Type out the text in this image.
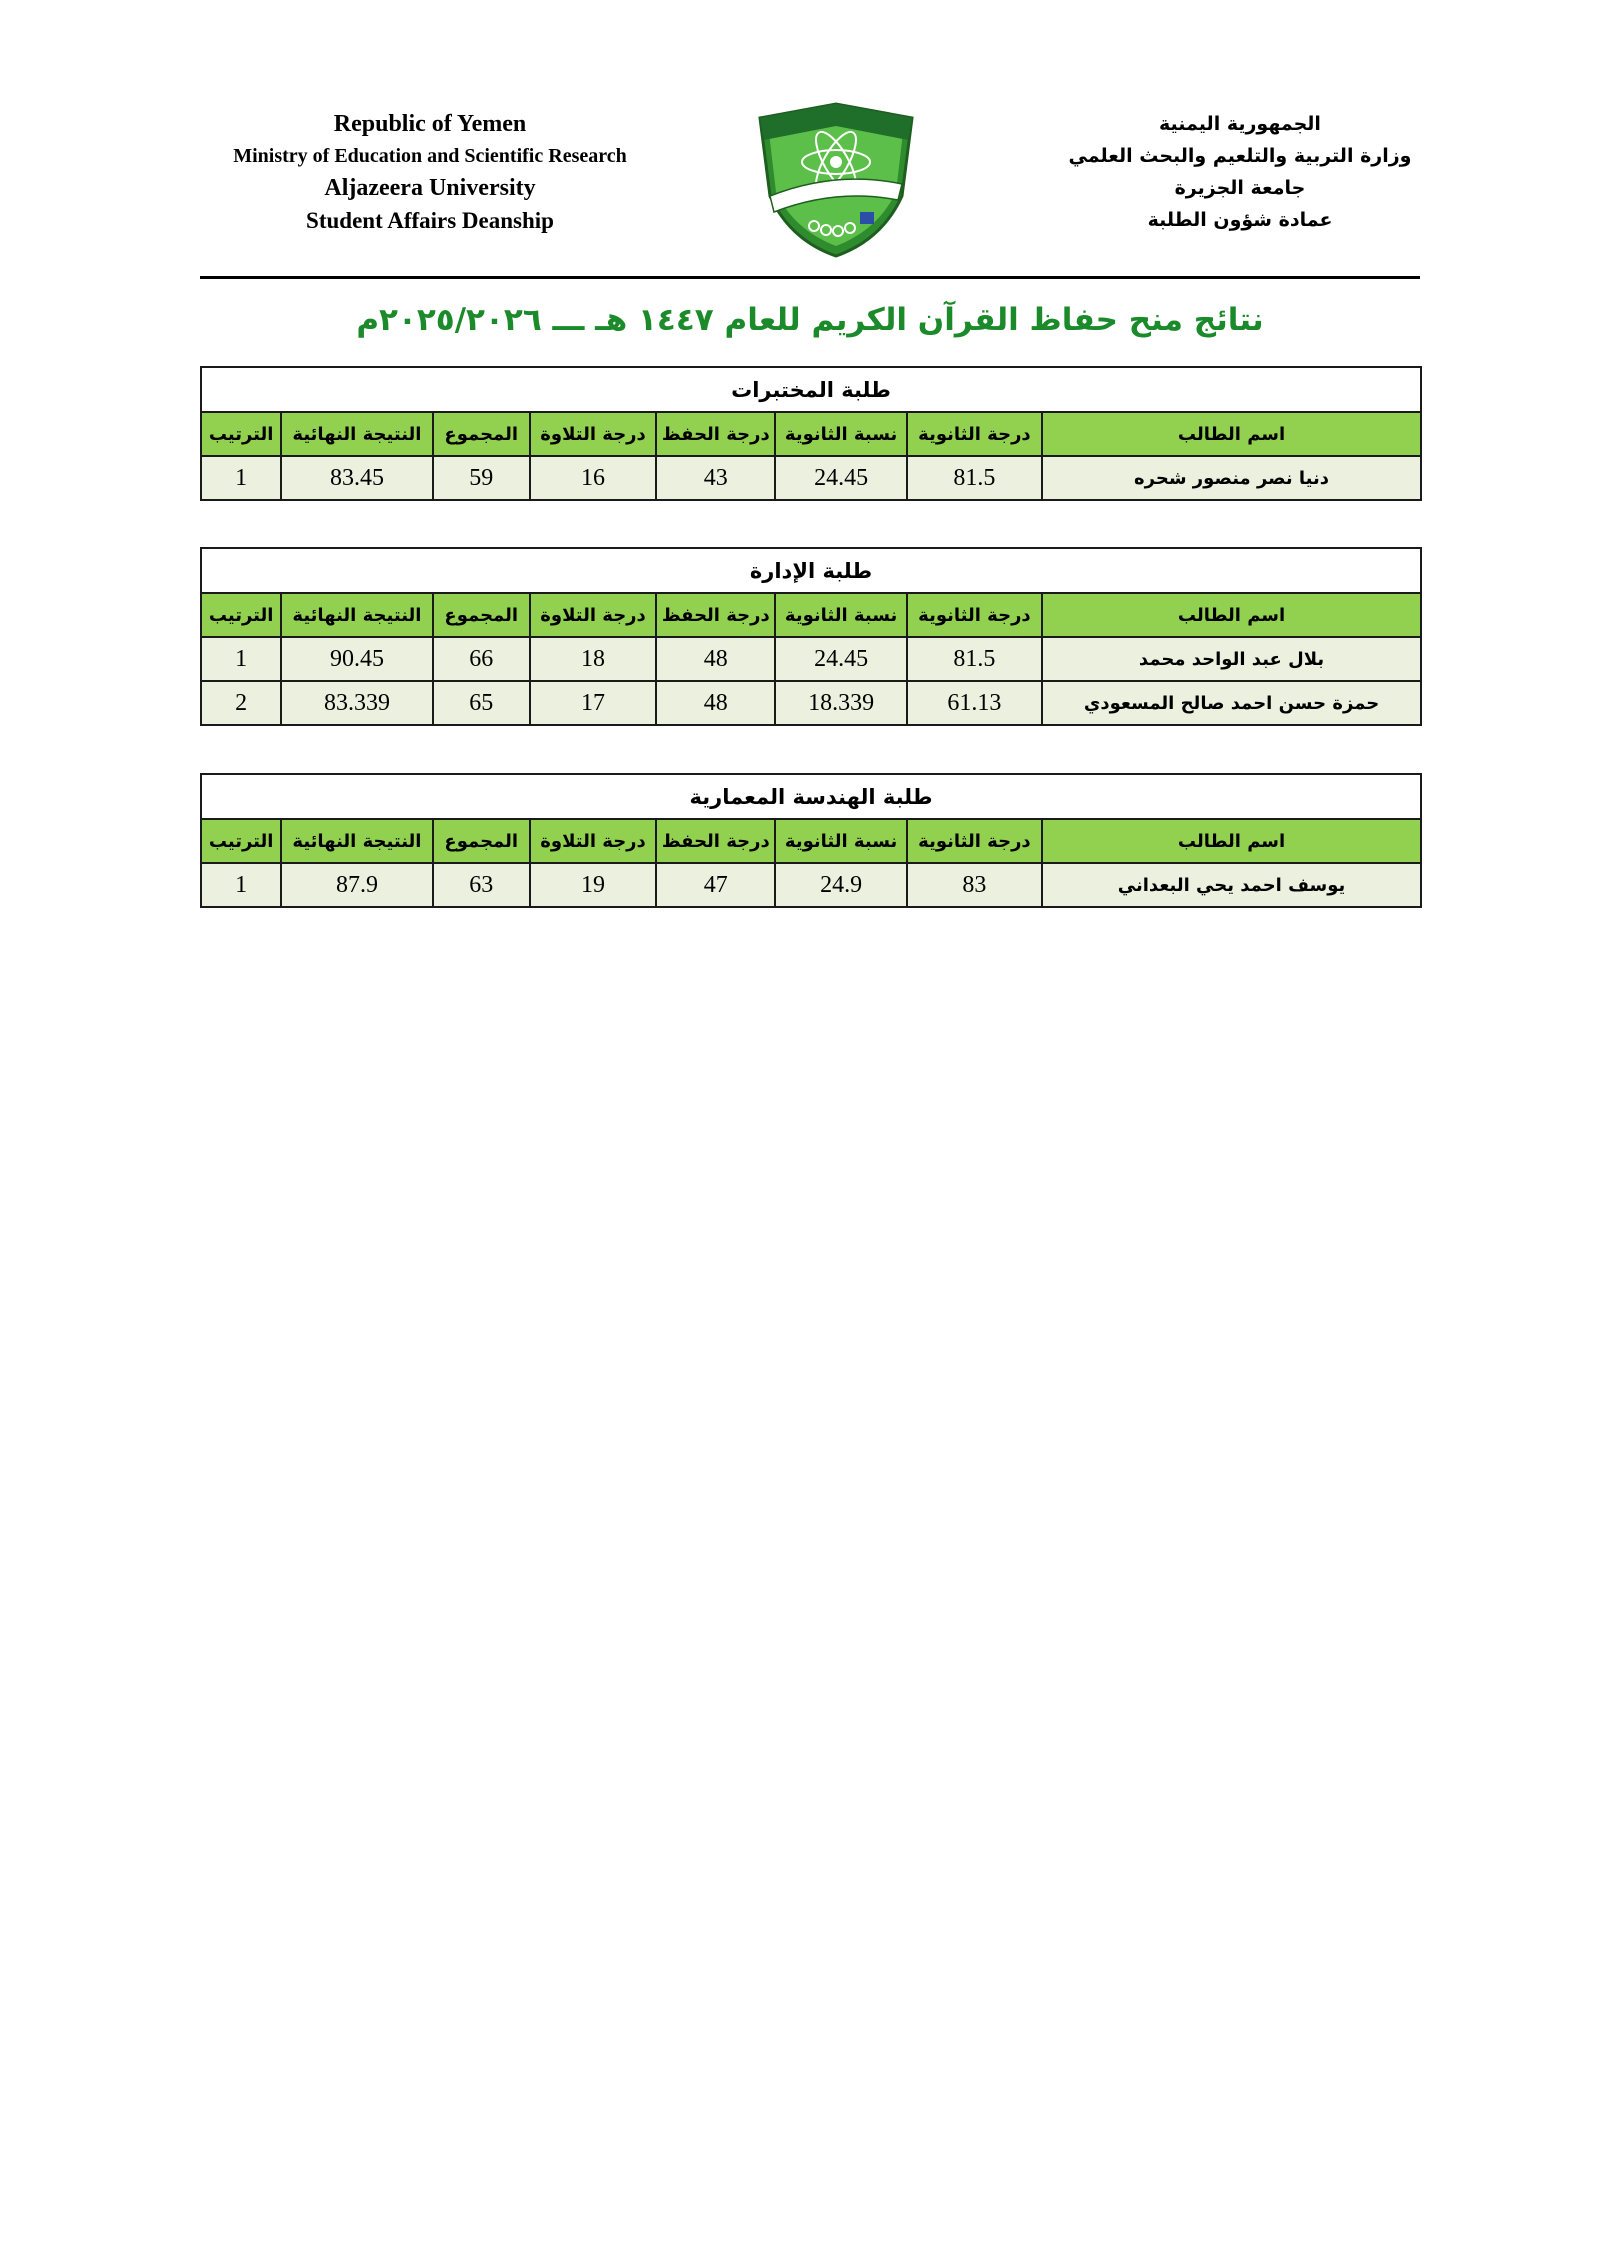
Republic of Yemen
Ministry of Education and Scientific Research
Aljazeera University
Student Affairs Deanship
الجمهورية اليمنية
وزارة التربية والتلعيم والبحث العلمي
جامعة الجزيرة
عمادة شؤون الطلبة
نتائج منح حفاظ القرآن الكريم للعام ١٤٤٧ هـ ـــ ٢٠٢٥/٢٠٢٦م
طلبة المختبرات							
اسم الطالب	درجة الثانوية	نسبة الثانوية	درجة الحفظ	درجة التلاوة	المجموع	النتيجة النهائية	الترتيب
دنيا نصر منصور شحره	81.5	24.45	43	16	59	83.45	1
طلبة الإدارة							
اسم الطالب	درجة الثانوية	نسبة الثانوية	درجة الحفظ	درجة التلاوة	المجموع	النتيجة النهائية	الترتيب
بلال عبد الواحد محمد	81.5	24.45	48	18	66	90.45	1
حمزة حسن احمد صالح المسعودي	61.13	18.339	48	17	65	83.339	2
طلبة الهندسة المعمارية							
اسم الطالب	درجة الثانوية	نسبة الثانوية	درجة الحفظ	درجة التلاوة	المجموع	النتيجة النهائية	الترتيب
يوسف احمد يحي البعداني	83	24.9	47	19	63	87.9	1
